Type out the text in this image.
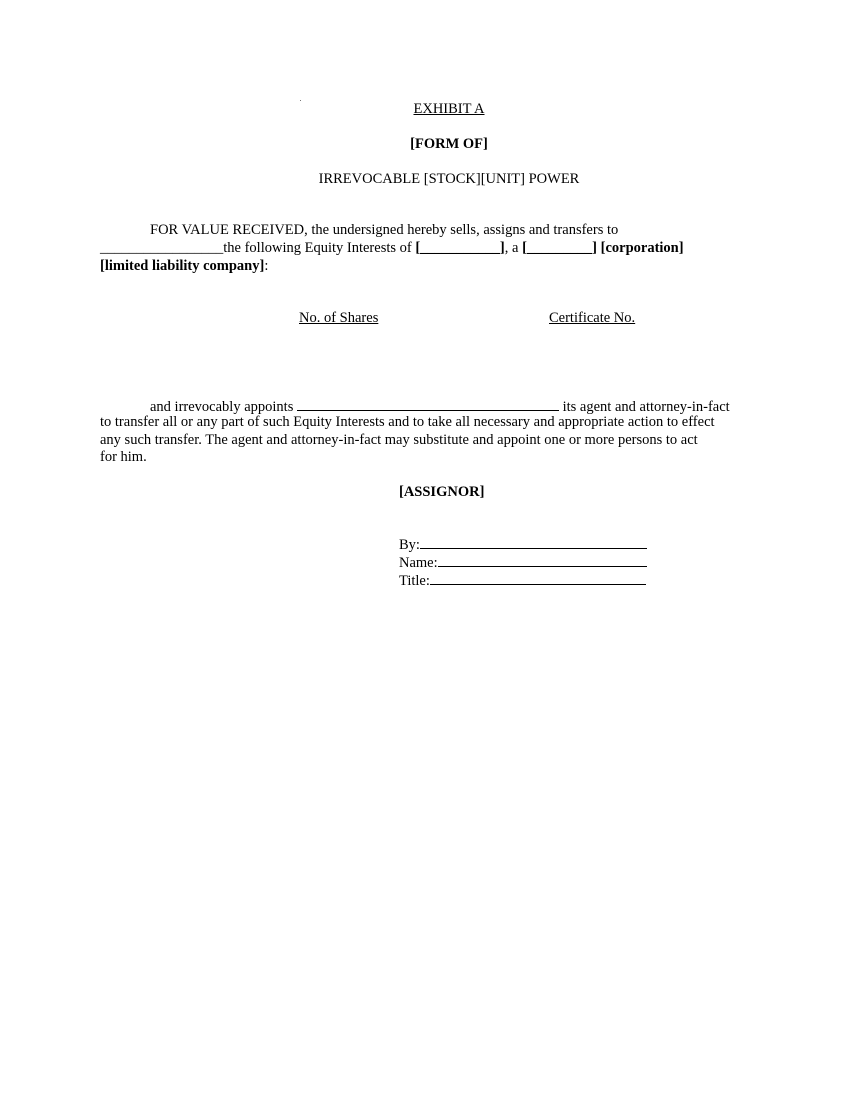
EXHIBIT A
[FORM OF]
IRREVOCABLE [STOCK][UNIT] POWER
FOR VALUE RECEIVED, the undersigned hereby sells, assigns and transfers to
_________________the following Equity Interests of [___________], a [_________] [corporation]
[limited liability company]:
No. of Shares	Certificate No.
and irrevocably appoints	its agent and attorney-in-fact
to transfer all or any part of such Equity Interests and to take all necessary and appropriate action to effect
any such transfer. The agent and attorney-in-fact may substitute and appoint one or more persons to act
for him.
[ASSIGNOR]
By:
Name:
Title:
